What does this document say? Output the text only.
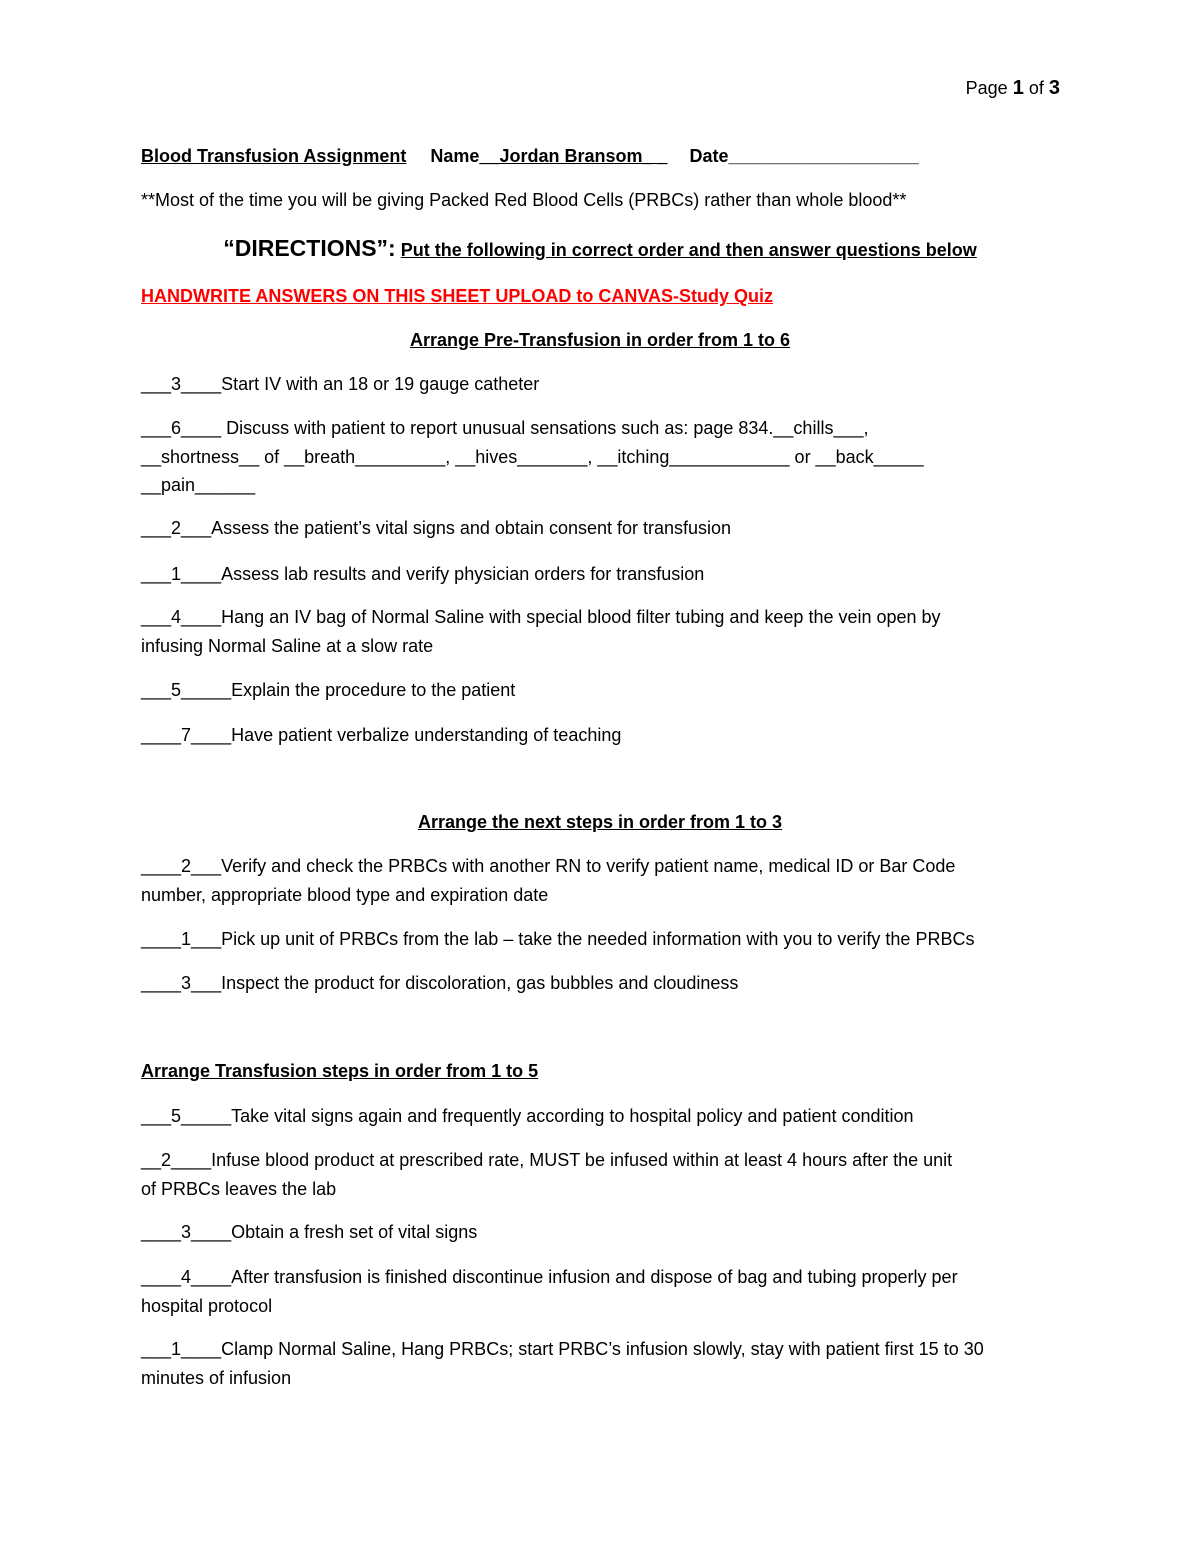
Page 1 of 3
Blood Transfusion Assignment Name__Jordan Bransom_ _ Date___________________
**Most of the time you will be giving Packed Red Blood Cells (PRBCs) rather than whole blood**
“DIRECTIONS”: Put the following in correct order and then answer questions below
HANDWRITE ANSWERS ON THIS SHEET UPLOAD to CANVAS-Study Quiz
Arrange Pre-Transfusion in order from 1 to 6
___3____Start IV with an 18 or 19 gauge catheter
___6____ Discuss with patient to report unusual sensations such as: page 834.__chills___,
__shortness__ of __breath_________, __hives_______, __itching____________ or __back_____
__pain______
___2___Assess the patient’s vital signs and obtain consent for transfusion
___1____Assess lab results and verify physician orders for transfusion
___4____Hang an IV bag of Normal Saline with special blood filter tubing and keep the vein open by
infusing Normal Saline at a slow rate
___5_____Explain the procedure to the patient
____7____Have patient verbalize understanding of teaching
Arrange the next steps in order from 1 to 3
____2___Verify and check the PRBCs with another RN to verify patient name, medical ID or Bar Code
number, appropriate blood type and expiration date
____1___Pick up unit of PRBCs from the lab – take the needed information with you to verify the PRBCs
____3___Inspect the product for discoloration, gas bubbles and cloudiness
Arrange Transfusion steps in order from 1 to 5
___5_____Take vital signs again and frequently according to hospital policy and patient condition
__2____Infuse blood product at prescribed rate, MUST be infused within at least 4 hours after the unit
of PRBCs leaves the lab
____3____Obtain a fresh set of vital signs
____4____After transfusion is finished discontinue infusion and dispose of bag and tubing properly per
hospital protocol
___1____Clamp Normal Saline, Hang PRBCs; start PRBC’s infusion slowly, stay with patient first 15 to 30
minutes of infusion
